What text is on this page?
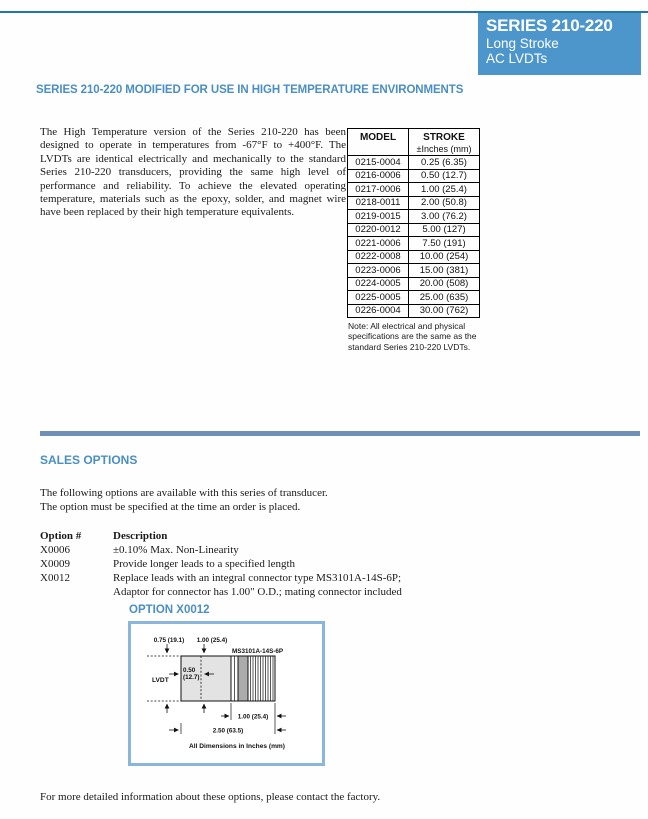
SERIES 210-220
Long Stroke
AC LVDTs
SERIES 210-220 MODIFIED FOR USE IN HIGH TEMPERATURE ENVIRONMENTS
The High Temperature version of the Series 210-220 has been designed to operate in temperatures from -67°F to +400°F. The LVDTs are identical electrically and mechanically to the standard Series 210-220 transducers, providing the same high level of performance and reliability. To achieve the elevated operating temperature, materials such as the epoxy, solder, and magnet wire have been replaced by their high temperature equivalents.
MODEL	STROKE
±Inches (mm)

0215-0004	0.25 (6.35)
0216-0006	0.50 (12.7)
0217-0006	1.00 (25.4)
0218-0011	2.00 (50.8)
0219-0015	3.00 (76.2)
0220-0012	5.00 (127)
0221-0006	7.50 (191)
0222-0008	10.00 (254)
0223-0006	15.00 (381)
0224-0005	20.00 (508)
0225-0005	25.00 (635)
0226-0004	30.00 (762)
Note: All electrical and physical specifications are the same as the standard Series 210-220 LVDTs.
SALES OPTIONS
The following options are available with this series of transducer.
The option must be specified at the time an order is placed.
Option #	Description
X0006	±0.10% Max. Non-Linearity
X0009	Provide longer leads to a specified length
X0012	Replace leads with an integral connector type MS3101A-14S-6P;
Adaptor for connector has 1.00" O.D.; mating connector included
OPTION X0012
0.75 (19.1) 1.00 (25.4)
MS3101A-14S-6P
0.50
(12.7)
LVDT
1.00 (25.4)
2.50 (63.5)
All Dimensions in Inches (mm)
For more detailed information about these options, please contact the factory.
